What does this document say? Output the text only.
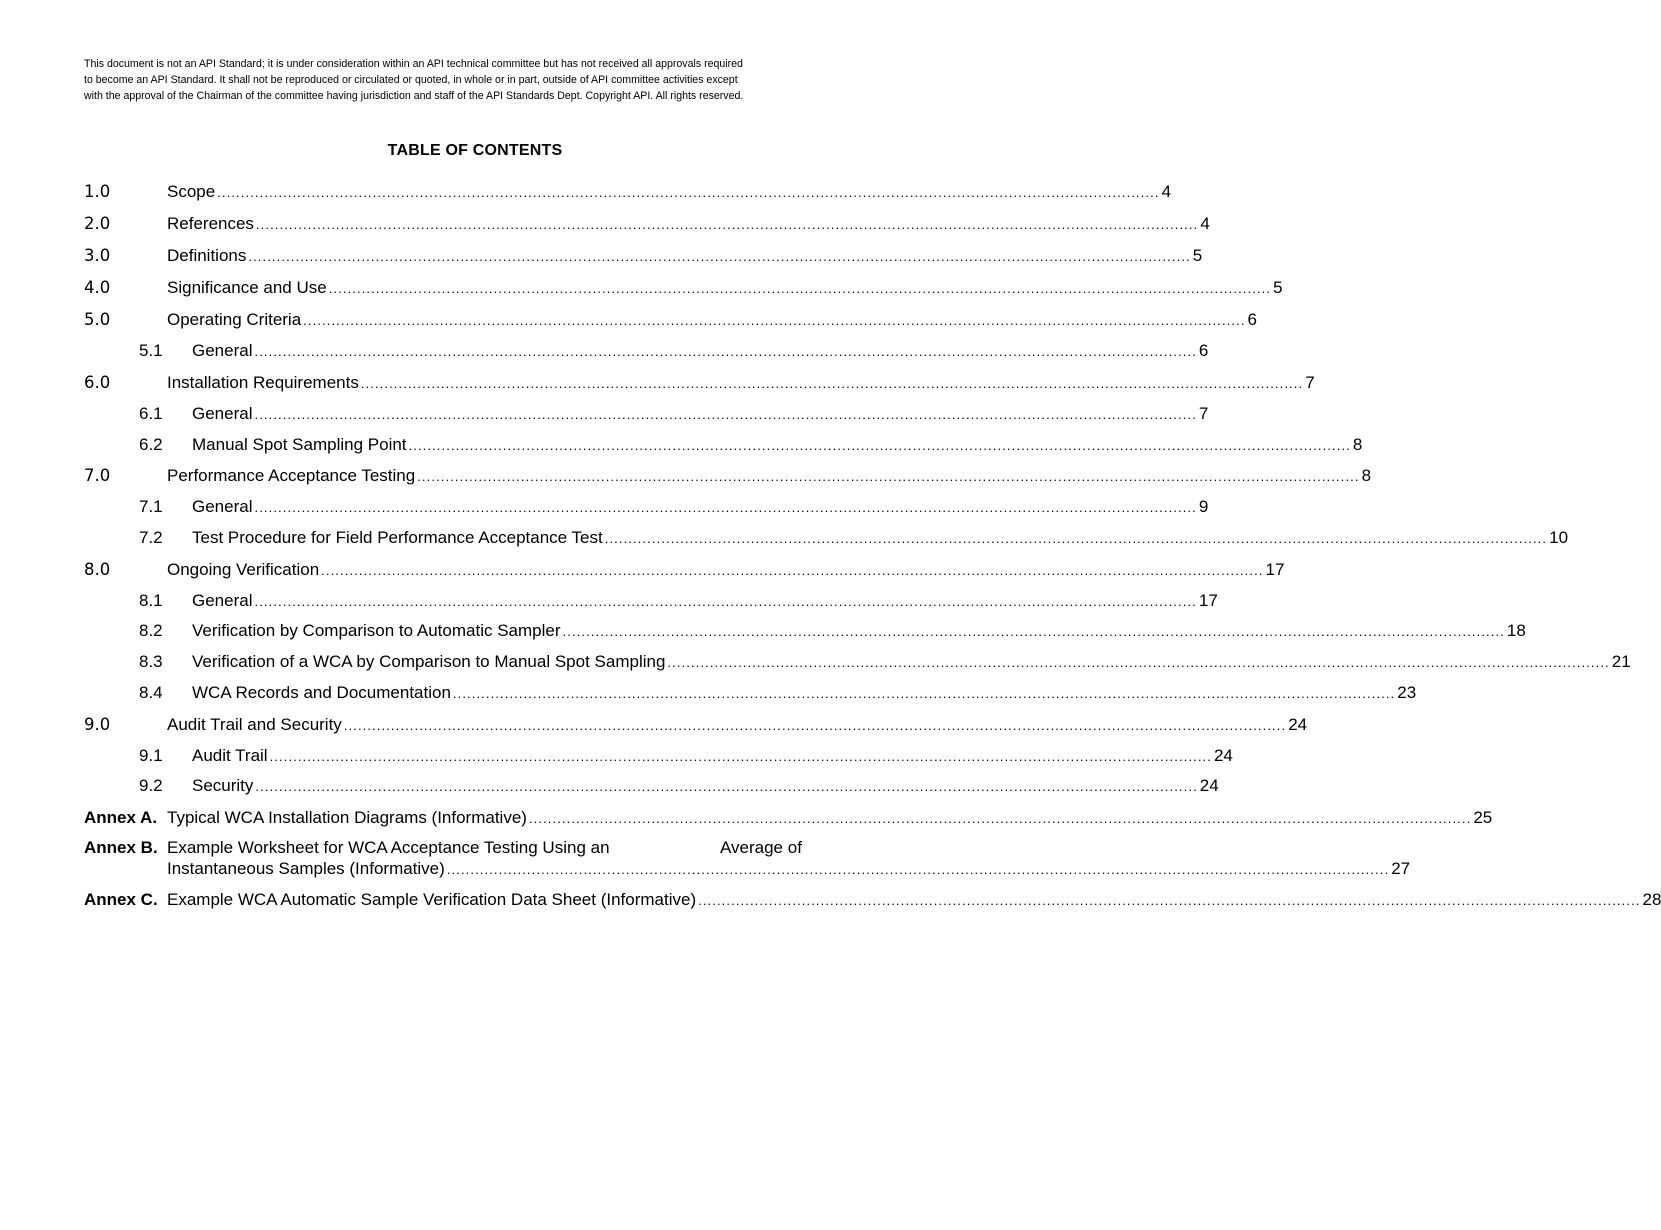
This document is not an API Standard; it is under consideration within an API technical committee but has not received all approvals required
to become an API Standard. It shall not be reproduced or circulated or quoted, in whole or in part, outside of API committee activities except
with the approval of the Chairman of the committee having jurisdiction and staff of the API Standards Dept. Copyright API. All rights reserved.
TABLE OF CONTENTS
1.0	Scope ........................................................................................................................................................................................................ 4
2.0	References ........................................................................................................................................................................................................ 4
3.0	Definitions ........................................................................................................................................................................................................ 5
4.0	Significance and Use ........................................................................................................................................................................................................ 5
5.0	Operating Criteria ........................................................................................................................................................................................................ 6
5.1 General ........................................................................................................................................................................................................ 6
6.0	Installation Requirements ........................................................................................................................................................................................................ 7
6.1 General ........................................................................................................................................................................................................ 7
6.2 Manual Spot Sampling Point ........................................................................................................................................................................................................ 8
7.0	Performance Acceptance Testing ........................................................................................................................................................................................................ 8
7.1 General ........................................................................................................................................................................................................ 9
7.2 Test Procedure for Field Performance Acceptance Test ........................................................................................................................................................................................................ 10
8.0	Ongoing Verification ........................................................................................................................................................................................................ 17
8.1 General ........................................................................................................................................................................................................ 17
8.2 Verification by Comparison to Automatic Sampler ........................................................................................................................................................................................................ 18
8.3 Verification of a WCA by Comparison to Manual Spot Sampling ........................................................................................................................................................................................................ 21
8.4 WCA Records and Documentation ........................................................................................................................................................................................................ 23
9.0	Audit Trail and Security ........................................................................................................................................................................................................ 24
9.1 Audit Trail ........................................................................................................................................................................................................ 24
9.2 Security ........................................................................................................................................................................................................ 24
Annex A. Typical WCA Installation Diagrams (Informative) ........................................................................................................................................................................................................ 25
Annex B. Example Worksheet for WCA Acceptance Testing Using an	Average of
Instantaneous Samples (Informative) ........................................................................................................................................................................................................ 27
Annex C. Example WCA Automatic Sample Verification Data Sheet (Informative) ........................................................................................................................................................................................................ 28
